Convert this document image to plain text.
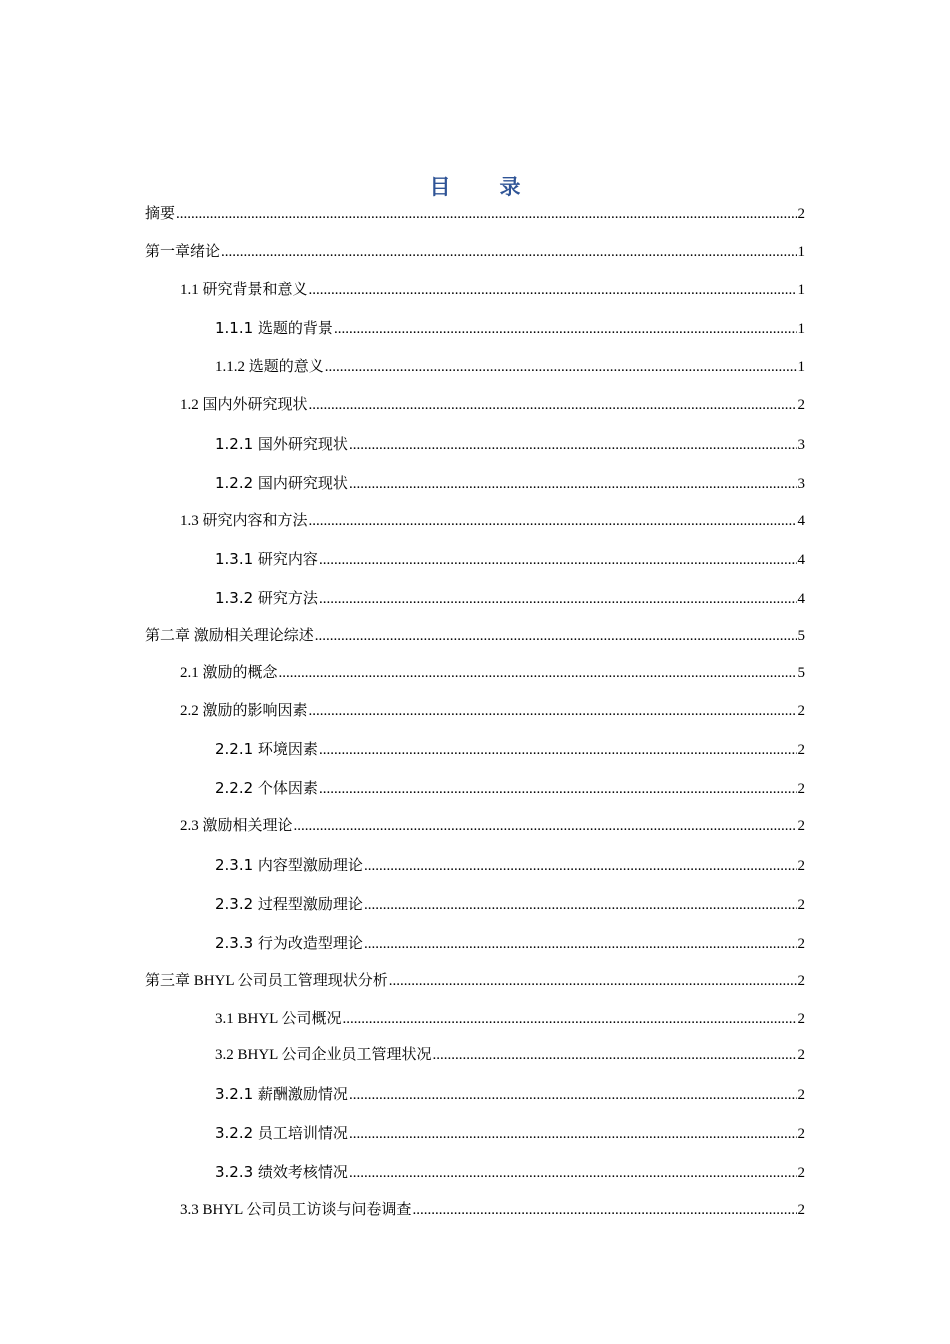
目　录
摘要 .....	2
第一章绪论 .....	1
1.1 研究背景和意义 .....	1
1.1.1 选题的背景 .....	1
1.1.2 选题的意义 .....	1
1.2 国内外研究现状 .....	2
1.2.1 国外研究现状 .....	3
1.2.2 国内研究现状 .....	3
1.3 研究内容和方法 .....	4
1.3.1 研究内容 .....	4
1.3.2 研究方法 .....	4
第二章 激励相关理论综述 .....	5
2.1 激励的概念 .....	5
2.2 激励的影响因素 .....	2
2.2.1 环境因素 .....	2
2.2.2 个体因素 .....	2
2.3 激励相关理论 .....	2
2.3.1 内容型激励理论 .....	2
2.3.2 过程型激励理论 .....	2
2.3.3 行为改造型理论 .....	2
第三章 BHYL 公司员工管理现状分析 .....	2
3.1 BHYL 公司概况 .....	2
3.2 BHYL 公司企业员工管理状况 .....	2
3.2.1 薪酬激励情况 .....	2
3.2.2 员工培训情况 .....	2
3.2.3 绩效考核情况 .....	2
3.3 BHYL 公司员工访谈与问卷调查 .....	2
